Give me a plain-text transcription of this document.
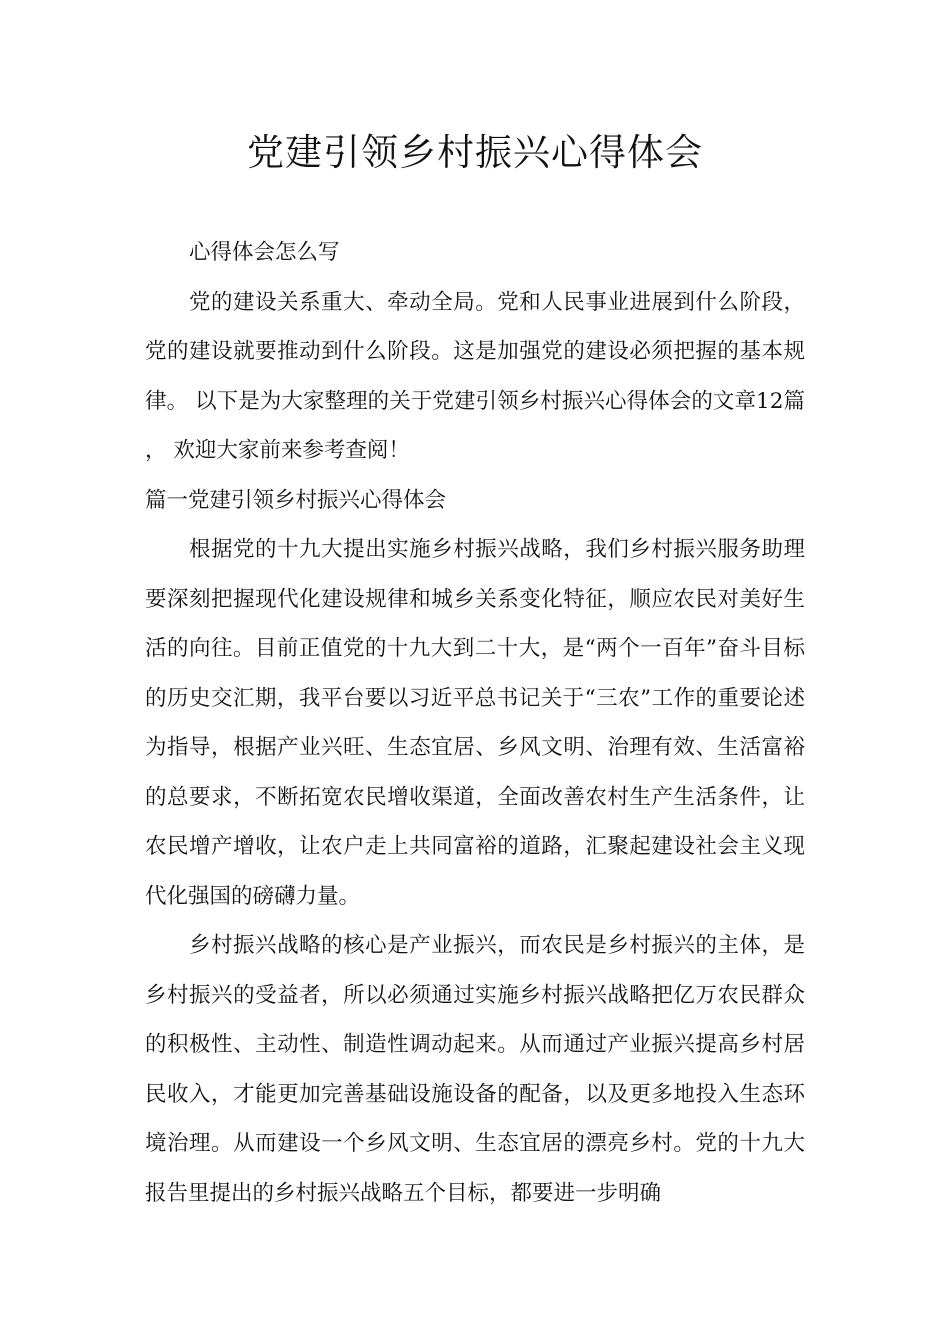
党建引领乡村振兴心得体会

心得体会怎么写

党的建设关系重大、牵动全局。党和人民事业进展到什么阶段，党的建设就要推动到什么阶段。这是加强党的建设必须把握的基本规律。 以下是为大家整理的关于党建引领乡村振兴心得体会的文章12篇 ， 欢迎大家前来参考查阅！

篇一党建引领乡村振兴心得体会

根据党的十九大提出实施乡村振兴战略，我们乡村振兴服务助理要深刻把握现代化建设规律和城乡关系变化特征，顺应农民对美好生活的向往。目前正值党的十九大到二十大，是“两个一百年”奋斗目标的历史交汇期，我平台要以习近平总书记关于“三农”工作的重要论述为指导，根据产业兴旺、生态宜居、乡风文明、治理有效、生活富裕的总要求，不断拓宽农民增收渠道，全面改善农村生产生活条件，让农民增产增收，让农户走上共同富裕的道路，汇聚起建设社会主义现代化强国的磅礴力量。

乡村振兴战略的核心是产业振兴，而农民是乡村振兴的主体，是乡村振兴的受益者，所以必须通过实施乡村振兴战略把亿万农民群众的积极性、主动性、制造性调动起来。从而通过产业振兴提高乡村居民收入，才能更加完善基础设施设备的配备，以及更多地投入生态环境治理。从而建设一个乡风文明、生态宜居的漂亮乡村。党的十九大报告里提出的乡村振兴战略五个目标，都要进一步明确
